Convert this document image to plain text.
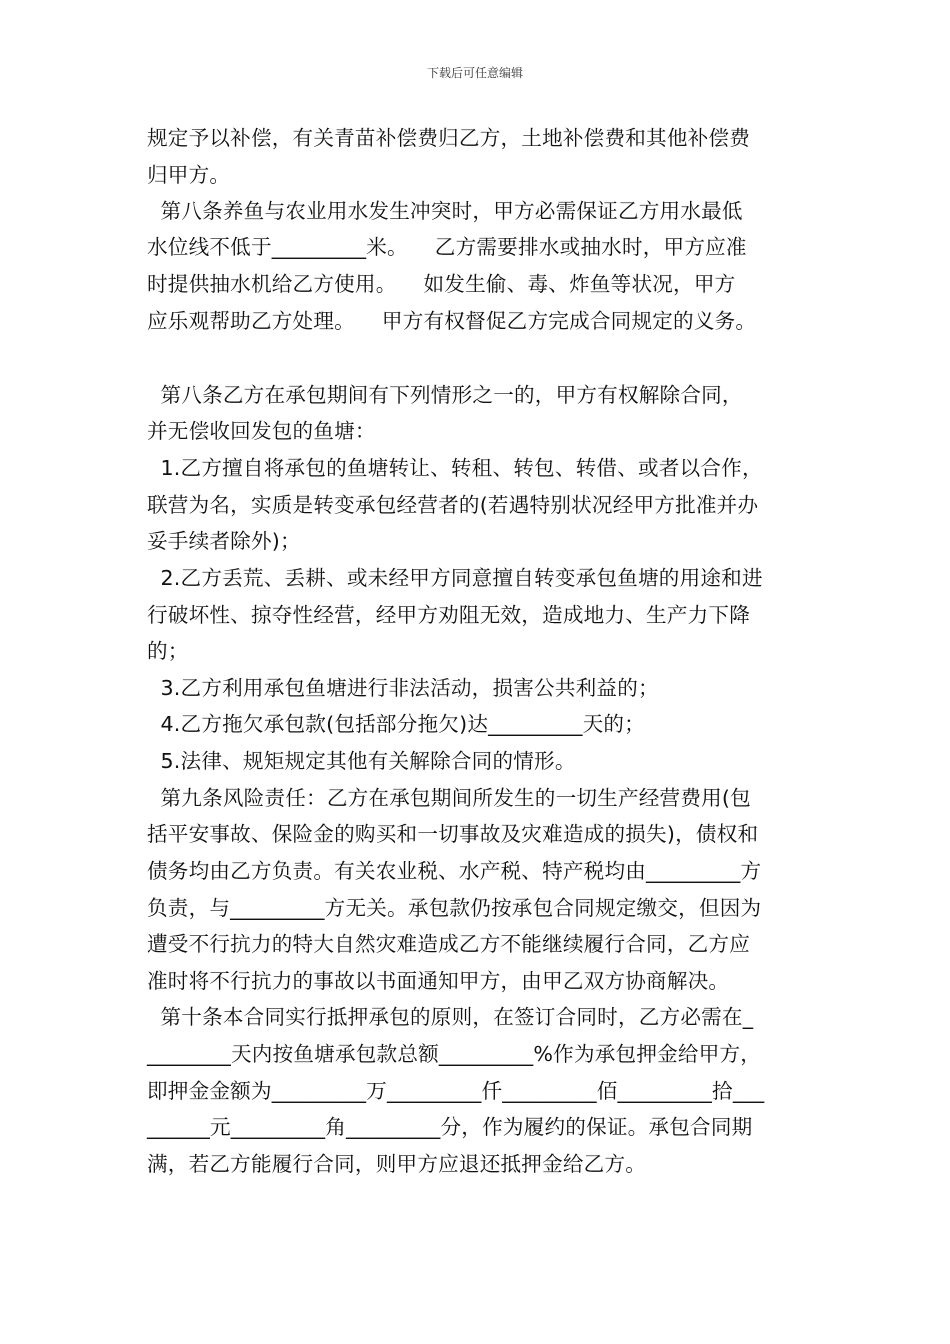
下载后可任意编辑
规定予以补偿，有关青苗补偿费归乙方，土地补偿费和其他补偿费
归甲方。
第八条养鱼与农业用水发生冲突时，甲方必需保证乙方用水最低
水位线不低于_________米。    乙方需要排水或抽水时，甲方应准
时提供抽水机给乙方使用。    如发生偷、毒、炸鱼等状况，甲方
应乐观帮助乙方处理。    甲方有权督促乙方完成合同规定的义务。
第八条乙方在承包期间有下列情形之一的，甲方有权解除合同，
并无偿收回发包的鱼塘：
1.乙方擅自将承包的鱼塘转让、转租、转包、转借、或者以合作，
联营为名，实质是转变承包经营者的(若遇特别状况经甲方批准并办
妥手续者除外)；
2.乙方丢荒、丢耕、或未经甲方同意擅自转变承包鱼塘的用途和进
行破坏性、掠夺性经营，经甲方劝阻无效，造成地力、生产力下降
的；
3.乙方利用承包鱼塘进行非法活动，损害公共利益的；
4.乙方拖欠承包款(包括部分拖欠)达_________天的；
5.法律、规矩规定其他有关解除合同的情形。
第九条风险责任：乙方在承包期间所发生的一切生产经营费用(包
括平安事故、保险金的购买和一切事故及灾难造成的损失)，债权和
债务均由乙方负责。有关农业税、水产税、特产税均由_________方
负责，与_________方无关。承包款仍按承包合同规定缴交，但因为
遭受不行抗力的特大自然灾难造成乙方不能继续履行合同，乙方应
准时将不行抗力的事故以书面通知甲方，由甲乙双方协商解决。
第十条本合同实行抵押承包的原则，在签订合同时，乙方必需在_
________天内按鱼塘承包款总额_________%作为承包押金给甲方，
即押金金额为_________万_________仟_________佰_________拾___
______元_________角_________分，作为履约的保证。承包合同期
满，若乙方能履行合同，则甲方应退还抵押金给乙方。
